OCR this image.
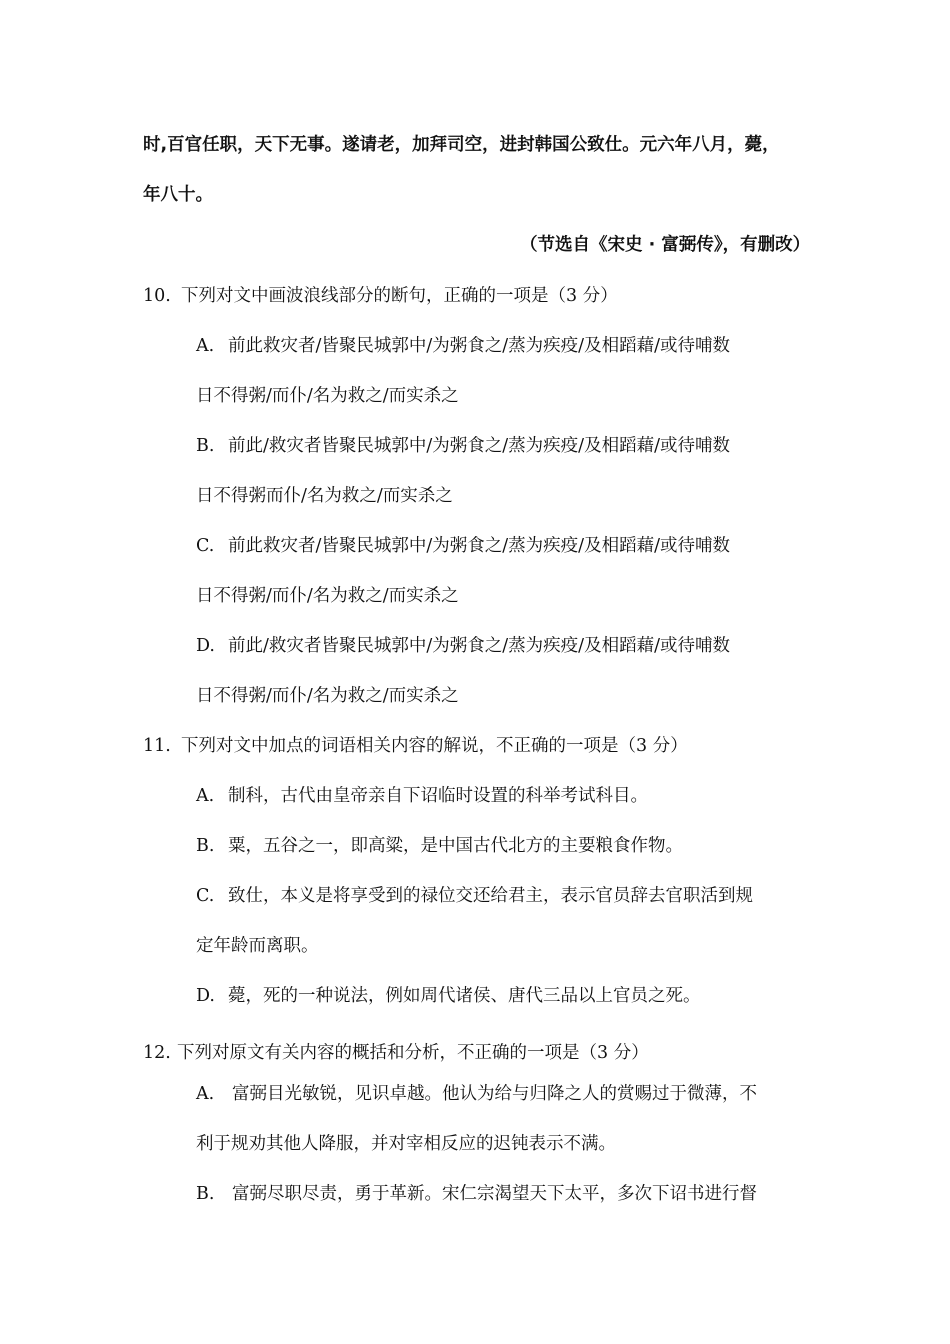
时,百官任职，天下无事。遂请老，加拜司空，进封韩国公致仕。元六年八月，薨，
年八十。
（节选自《宋史 · 富弼传》，有删改）
10. 下列对文中画波浪线部分的断句，正确的一项是（3 分）
A. 前此救灾者/皆聚民城郭中/为粥食之/蒸为疾疫/及相蹈藉/或待哺数
日不得粥/而仆/名为救之/而实杀之
B. 前此/救灾者皆聚民城郭中/为粥食之/蒸为疾疫/及相蹈藉/或待哺数
日不得粥而仆/名为救之/而实杀之
C. 前此救灾者/皆聚民城郭中/为粥食之/蒸为疾疫/及相蹈藉/或待哺数
日不得粥/而仆/名为救之/而实杀之
D. 前此/救灾者皆聚民城郭中/为粥食之/蒸为疾疫/及相蹈藉/或待哺数
日不得粥/而仆/名为救之/而实杀之
11. 下列对文中加点的词语相关内容的解说，不正确的一项是（3 分）
A. 制科，古代由皇帝亲自下诏临时设置的科举考试科目。
B. 粟，五谷之一，即高粱，是中国古代北方的主要粮食作物。
C. 致仕，本义是将享受到的禄位交还给君主，表示官员辞去官职活到规
定年龄而离职。
D. 薨，死的一种说法，例如周代诸侯、唐代三品以上官员之死。
12. 下列对原文有关内容的概括和分析，不正确的一项是（3 分）
A. 富弼目光敏锐，见识卓越。他认为给与归降之人的赏赐过于微薄，不
利于规劝其他人降服，并对宰相反应的迟钝表示不满。
B. 富弼尽职尽责，勇于革新。宋仁宗渴望天下太平，多次下诏书进行督
